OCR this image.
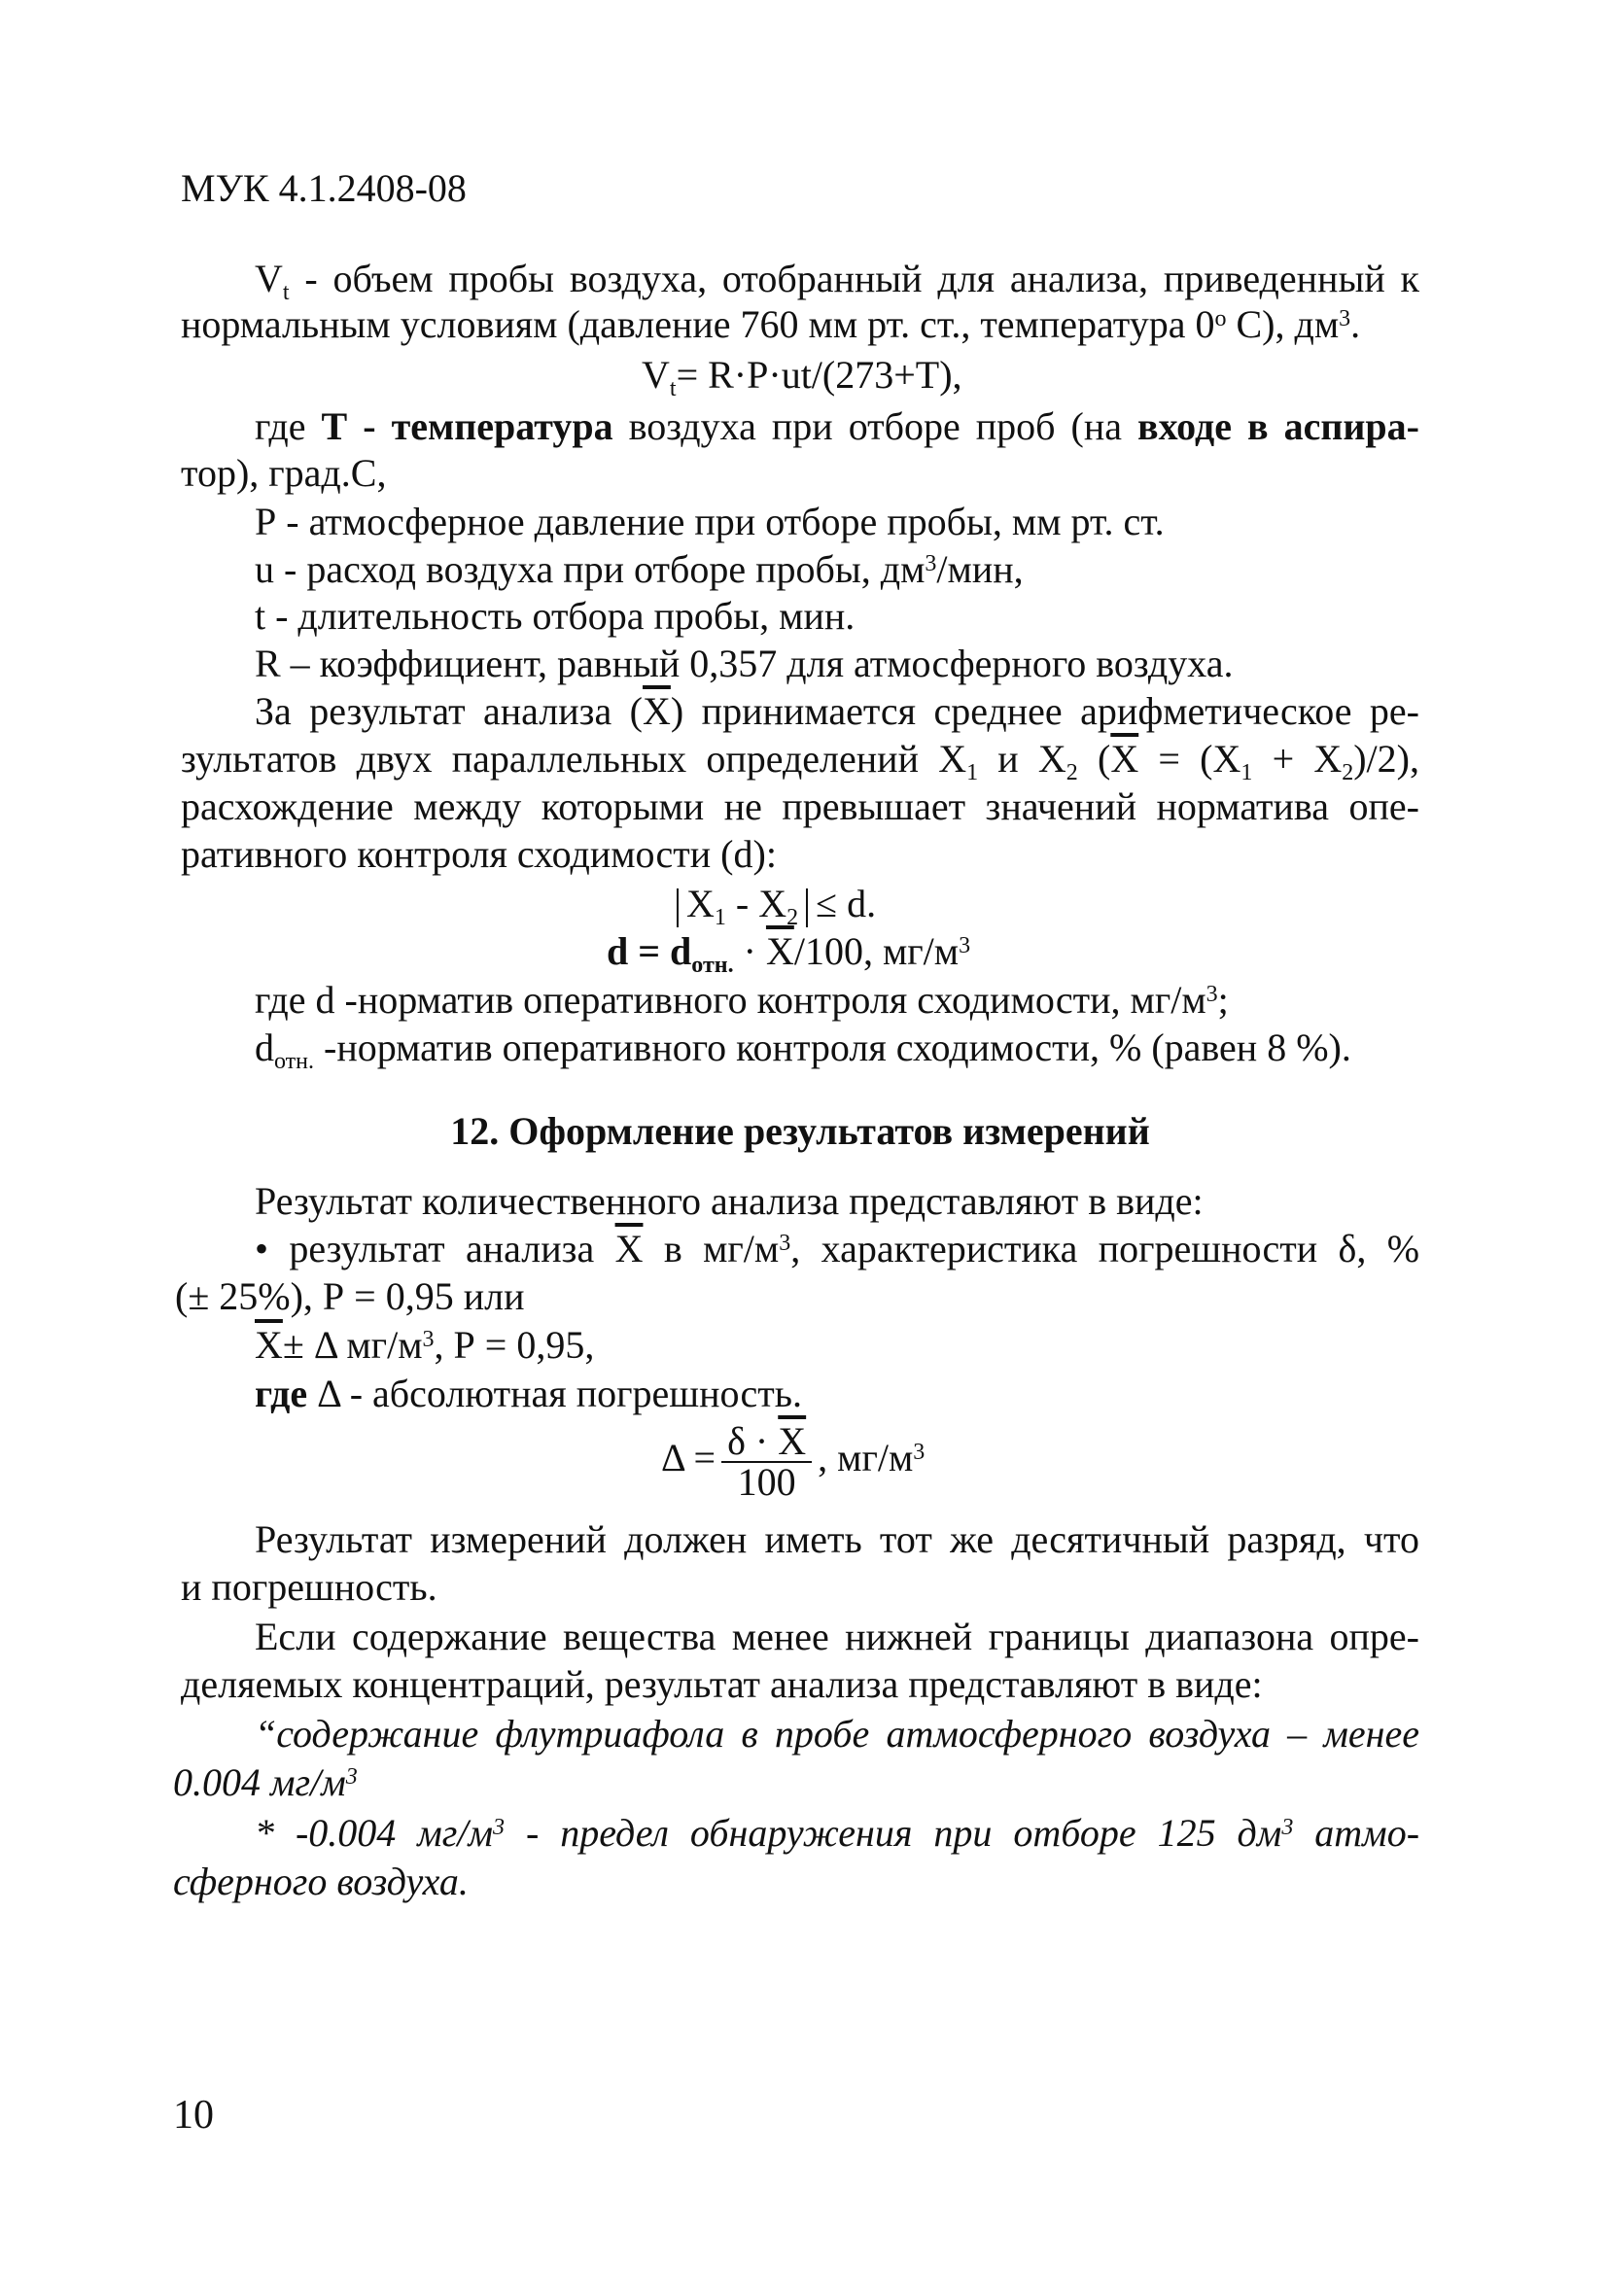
МУК 4.1.2408-08
$V_t$ - объем пробы воздуха, отобранный для анализа, приведенный к
нормальным условиям (давление 760 мм рт. ст., температура 0$^o$ С), $дм^3$.
$V_t= R\cdot P\cdot ut/(273+T)$,
где Т - температура воздуха при отборе проб (на входе в аспира-
тор), град.С,
Р - атмосферное давление при отборе пробы, мм рт. ст.
u - расход воздуха при отборе пробы, $дм^3$/мин,
t - длительность отбора пробы, мин.
R – коэффициент, равный 0,357 для атмосферного воздуха.
За результат анализа $(\overline{X})$ принимается среднее арифметическое ре-
зультатов двух параллельных определений $X_1$ и $X_2$ $(\overline{X} = (X_1 + X_2)/2)$,
расхождение между которыми не превышает значений норматива опе-
ративного контроля сходимости (d):
$X_1 - X_2 \le d$.
$d = d_{отн.} \cdot \overline{X}/100$, $мг/м^3$
где d -норматив оперативного контроля сходимости, $мг/м^3$;
$d_{отн.}$ -норматив оперативного контроля сходимости, % (равен 8 %).
12. Оформление результатов измерений
Результат количественного анализа представляют в виде:
• результат анализа $\overline{X}$ в $мг/м^3$, характеристика погрешности δ, %
(± 25%), Р = 0,95 или
$\overline{X}\pm \Delta$ $мг/м^3$, Р = 0,95,
где Δ - абсолютная погрешность.
$\Delta = \frac{\delta \cdot \overline{X}}{100}$ , $мг/м^3$
Результат измерений должен иметь тот же десятичный разряд, что
и погрешность.
Если содержание вещества менее нижней границы диапазона опре-
деляемых концентраций, результат анализа представляют в виде:
“содержание флутриафола в пробе атмосферного воздуха – менее
0.004 $мг/м^3$
* -0.004 $мг/м^3$ - предел обнаружения при отборе 125 $дм^3$ атмо-
сферного воздуха.
10
